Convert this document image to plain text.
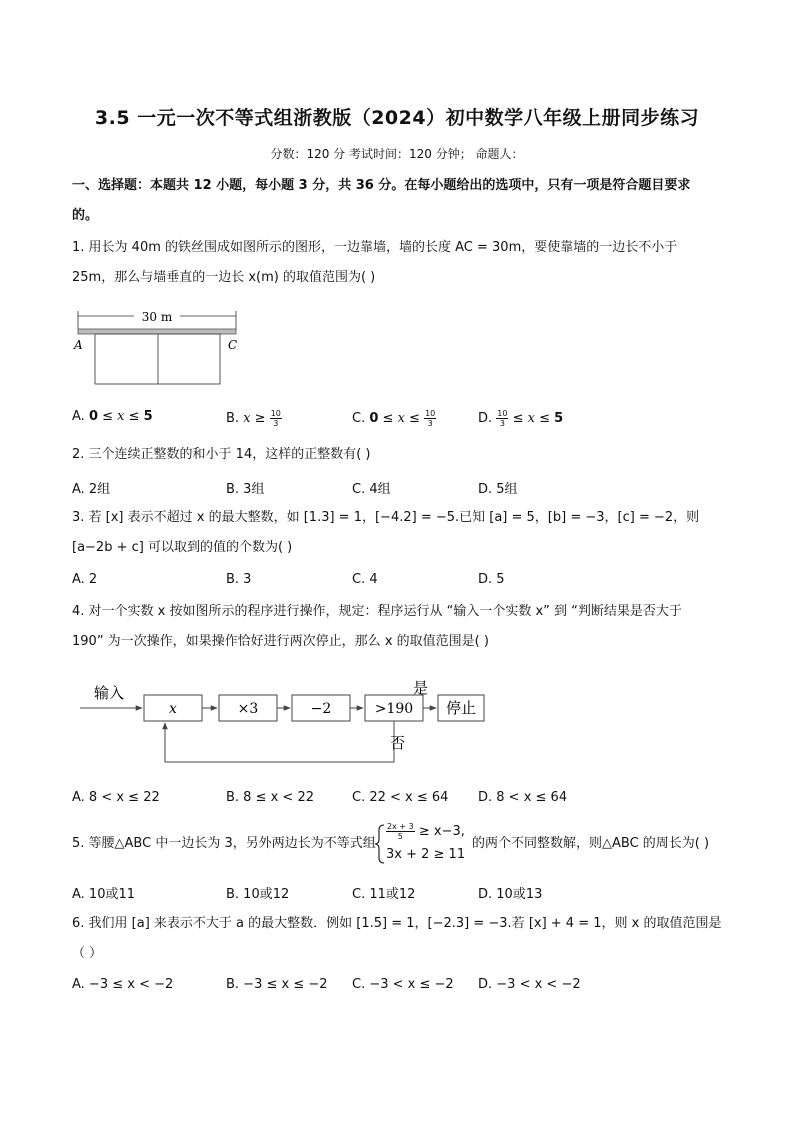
3.5 一元一次不等式组浙教版（2024）初中数学八年级上册同步练习
分数：120 分 考试时间：120 分钟； 命题人：
一、选择题：本题共 12 小题，每小题 3 分，共 36 分。在每小题给出的选项中，只有一项是符合题目要求
的。
1. 用长为 40m 的铁丝围成如图所示的图形，一边靠墙，墙的长度 AC = 30m，要使靠墙的一边长不小于
25m，那么与墙垂直的一边长 x(m) 的取值范围为( )
30 m
A	C
A. 0 ≤ x ≤ 5	B. $x \ge \frac{10}{3}$	C. $0 \le x \le \frac{10}{3}$	D. $\frac{10}{3} \le x \le 5$
2. 三个连续正整数的和小于 14，这样的正整数有( )
A. 2组	B. 3组	C. 4组	D. 5组
3. 若 [x] 表示不超过 x 的最大整数，如 [1.3] = 1，[−4.2] = −5.已知 [a] = 5，[b] = −3，[c] = −2，则
[a−2b + c] 可以取到的值的个数为( )
A. 2	B. 3	C. 4	D. 5
4. 对一个实数 x 按如图所示的程序进行操作，规定：程序运行从 “输入一个实数 x” 到 “判断结果是否大于
190” 为一次操作，如果操作恰好进行两次停止，那么 x 的取值范围是( )
输入
x	×3	−2	>190
是
停止
否
A. 8 < x ≤ 22	B. 8 ≤ x < 22	C. 22 < x ≤ 64 D. 8 < x ≤ 64
5. 等腰△ABC 中一边长为 3，另外两边长为不等式组
$\frac{2x + 3}{5} \ge x-3$,
3x + 2 ≥ 11
的两个不同整数解，则△ABC 的周长为( )
A. 10或11	B. 10或12	C. 11或12	D. 10或13
6. 我们用 [a] 来表示不大于 a 的最大整数．例如 [1.5] = 1，[−2.3] = −3.若 [x] + 4 = 1，则 x 的取值范围是
（ ）
A. −3 ≤ x < −2	B. −3 ≤ x ≤ −2 C. −3 < x ≤ −2 D. −3 < x < −2
